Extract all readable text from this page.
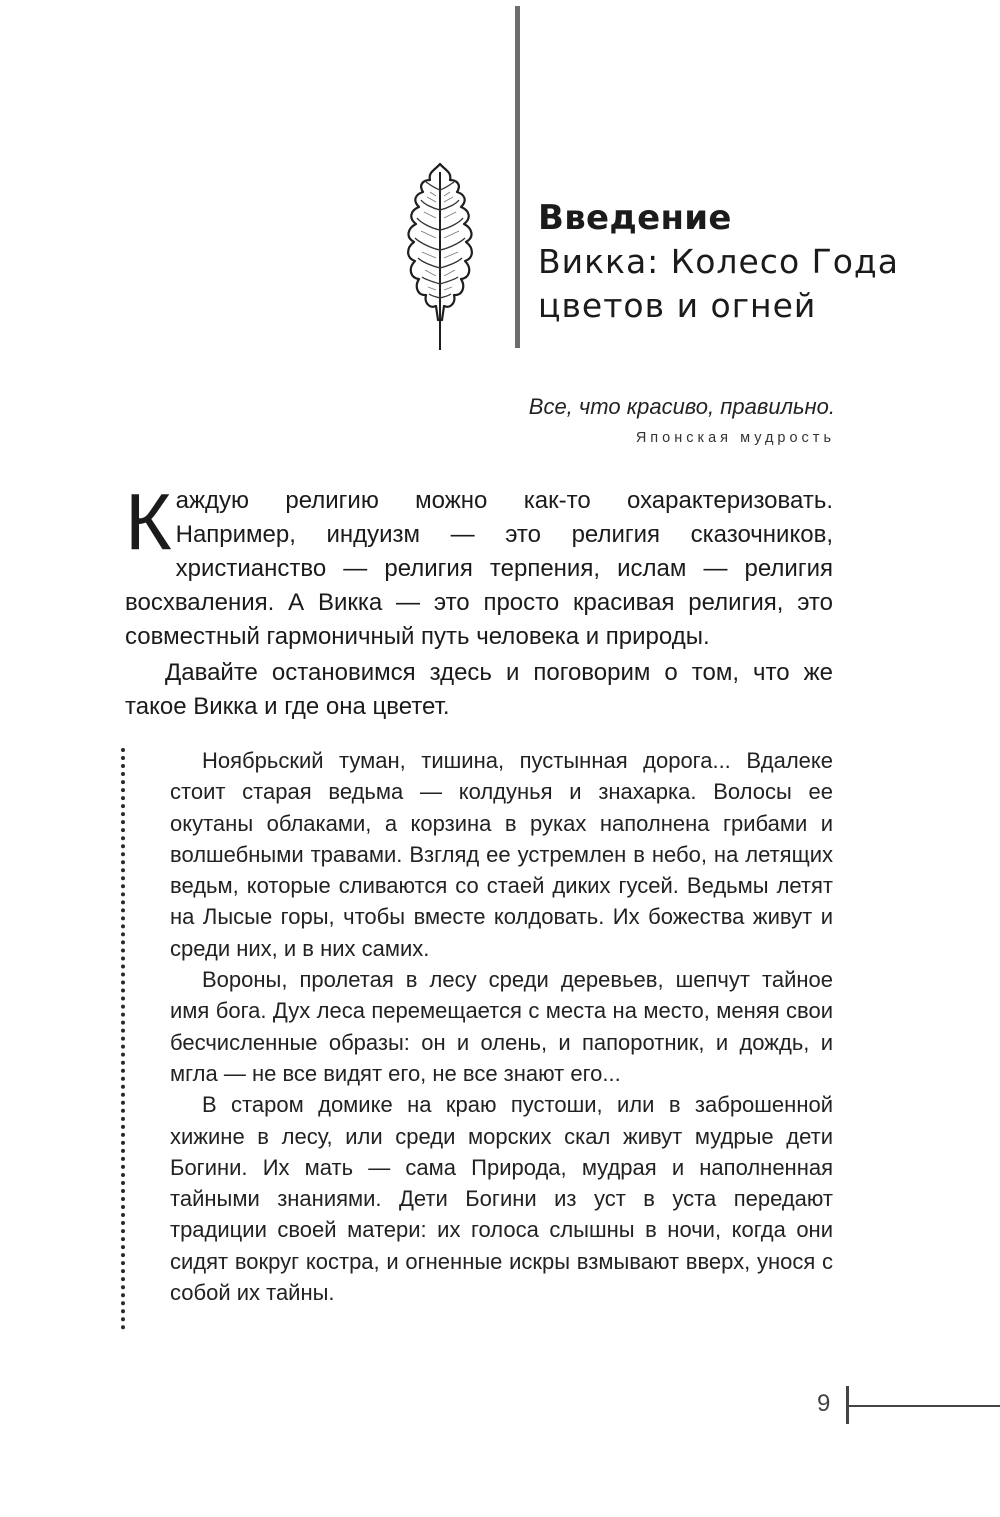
Введение
Викка: Колесо Года
цветов и огней
Все, что красиво, правильно.
Японская мудрость

Каждую религию можно как-то охарактеризовать. Например, индуизм — это религия сказочников, христианство — религия терпения, ислам — религия восхваления. А Викка — это просто красивая религия, это совместный гармоничный путь человека и природы.

Давайте остановимся здесь и поговорим о том, что же такое Викка и где она цветет.

Ноябрьский туман, тишина, пустынная дорога... Вдалеке стоит старая ведьма — колдунья и знахарка. Волосы ее окутаны облаками, а корзина в руках наполнена грибами и волшебными травами. Взгляд ее устремлен в небо, на летящих ведьм, которые сливаются со стаей диких гусей. Ведьмы летят на Лысые горы, чтобы вместе колдовать. Их божества живут и среди них, и в них самих.

Вороны, пролетая в лесу среди деревьев, шепчут тайное имя бога. Дух леса перемещается с места на место, меняя свои бесчисленные образы: он и олень, и папоротник, и дождь, и мгла — не все видят его, не все знают его...

В старом домике на краю пустоши, или в заброшенной хижине в лесу, или среди морских скал живут мудрые дети Богини. Их мать — сама Природа, мудрая и наполненная тайными знаниями. Дети Богини из уст в уста передают традиции своей матери: их голоса слышны в ночи, когда они сидят вокруг костра, и огненные искры взмывают вверх, унося с собой их тайны.

9
